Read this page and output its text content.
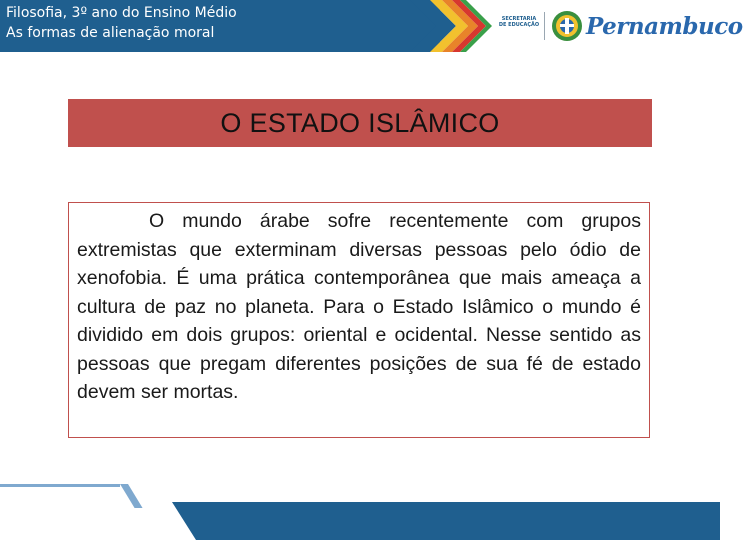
Filosofia, 3º ano do Ensino Médio
As formas de alienação moral
SECRETARIA
DE EDUCAÇÃO Pernambuco
O ESTADO ISLÂMICO

O mundo árabe sofre recentemente com grupos extremistas que exterminam diversas pessoas pelo ódio de xenofobia. É uma prática contemporânea que mais ameaça a cultura de paz no planeta. Para o Estado Islâmico o mundo é dividido em dois grupos: oriental e ocidental. Nesse sentido as pessoas que pregam diferentes posições de sua fé de estado devem ser mortas.
